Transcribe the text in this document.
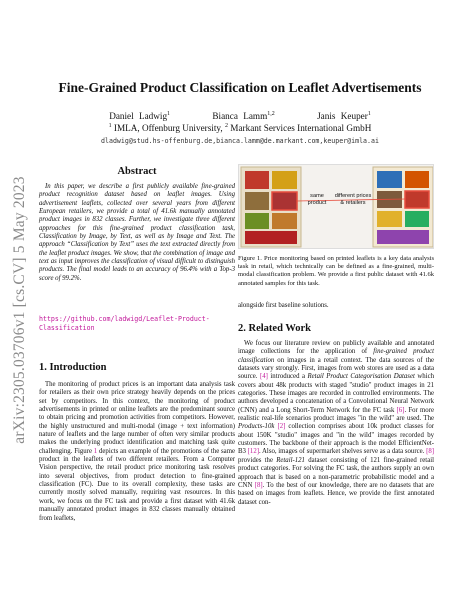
arXiv:2305.03706v1 [cs.CV] 5 May 2023
Fine-Grained Product Classification on Leaflet Advertisements
Daniel Ladwig$^1$	Bianca Lamm$^{1,2}$	Janis Keuper$^1$
$^1$ IMLA, Offenburg University, $^2$ Markant Services International GmbH
dladwig@stud.hs-offenburg.de,bianca.lamm@de.markant.com,keuper@imla.ai
Abstract

In this paper, we describe a first publicly available fine-grained product recognition dataset based on leaflet images. Using advertisement leaflets, collected over several years from different European retailers, we provide a total of 41.6k manually annotated product images in 832 classes. Further, we investigate three different approaches for this fine-grained product classification task, Classification by Image, by Text, as well as by Image and Text. The approach “Classification by Text” uses the text extracted directly from the leaflet product images. We show, that the combination of image and text as input improves the classification of visual difficult to distinguish products. The final model leads to an accuracy of 96.4% with a Top-3 score of 99.2%.

https://github.com/ladwigd/Leaflet-Product-Classification

1. Introduction

The monitoring of product prices is an important data analysis task for retailers as their own price strategy heavily depends on the prices set by competitors. In this context, the monitoring of product advertisements in printed or online leaflets are the predominant source to obtain pricing and promotion activities from competitors. However, the highly unstructured and multi-modal (image + text information) nature of leaflets and the large number of often very similar products makes the underlying product identification and matching task quite challenging. Figure 1 depicts an example of the promotions of the same product in the leaflets of two different retailers. From a Computer Vision perspective, the retail product price monitoring task resolves into several objectives, from product detection to fine-grained classification (FC). Due to its overall complexity, these tasks are currently mostly solved manually, requiring vast resources. In this work, we focus on the FC task and provide a first dataset with 41.6k manually annotated product images in 832 classes manually obtained from leaflets,

same product
different prices & retailers

Figure 1. Price monitoring based on printed leaflets is a key data analysis task in retail, which technically can be defined as a fine-grained, multi-modal classification problem. We provide a first public dataset with 41.6k annotated samples for this task.

alongside first baseline solutions.

2. Related Work

We focus our literature review on publicly available and annotated image collections for the application of fine-grained product classification on images in a retail context. The data sources of the datasets vary strongly. First, images from web stores are used as a data source. [4] introduced a Retail Product Categorisation Dataset which covers about 48k products with staged "studio" product images in 21 categories. These images are recorded in controlled environments. The authors developed a concatenation of a Convolutional Neural Network (CNN) and a Long Short-Term Network for the FC task [6]. For more realistic real-life scenarios product images "in the wild" are used. The Products-10k [2] collection comprises about 10k product classes for about 150K "studio" images and "in the wild" images recorded by customers. The backbone of their approach is the model EfficientNet-B3 [12]. Also, images of supermarket shelves serve as a data source. [8] provides the Retail-121 dataset consisting of 121 fine-grained retail product categories. For solving the FC task, the authors supply an own approach that is based on a non-parametric probabilistic model and a CNN [8]. To the best of our knowledge, there are no datasets that are based on images from leaflets. Hence, we provide the first annotated dataset con-
